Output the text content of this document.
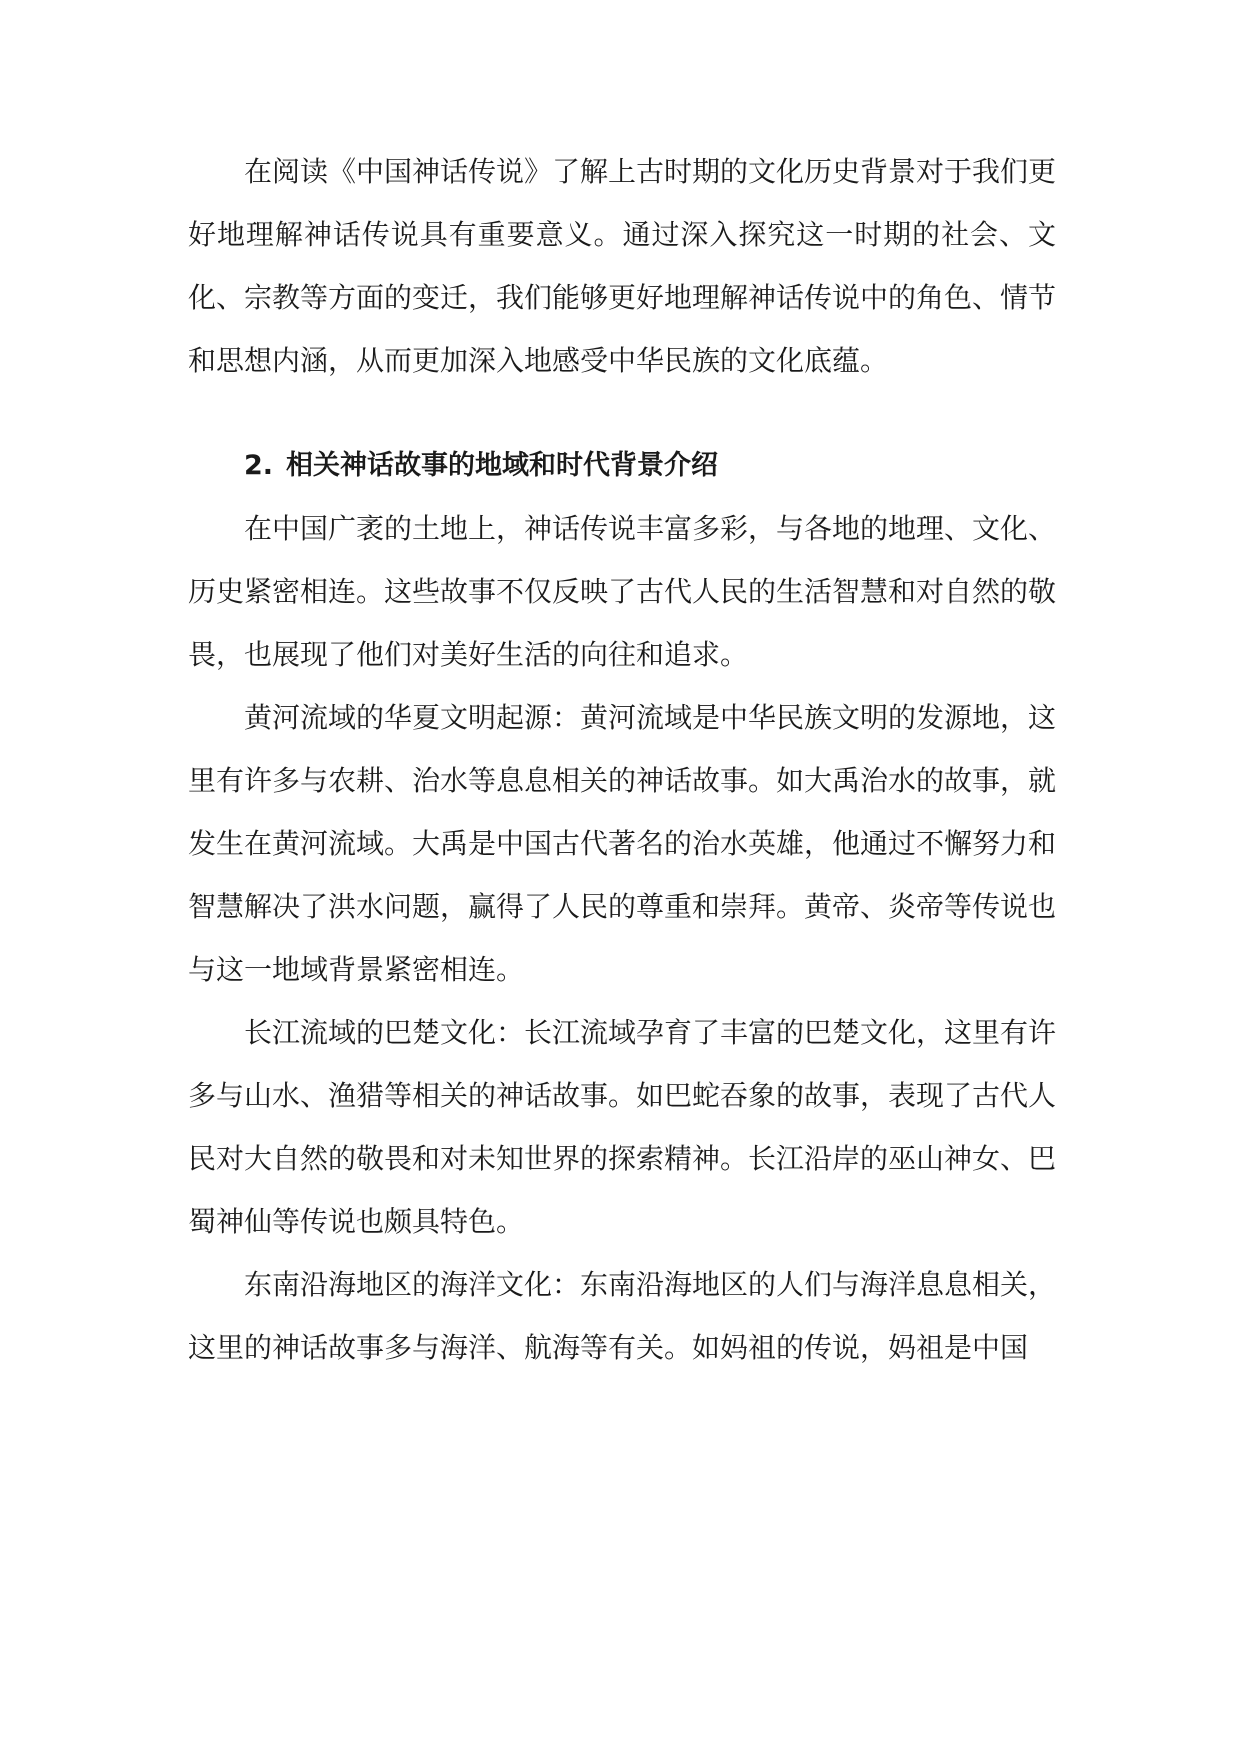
在阅读《中国神话传说》了解上古时期的文化历史背景对于我们更好地理解神话传说具有重要意义。通过深入探究这一时期的社会、文化、宗教等方面的变迁，我们能够更好地理解神话传说中的角色、情节和思想内涵，从而更加深入地感受中华民族的文化底蕴。

2. 相关神话故事的地域和时代背景介绍

在中国广袤的土地上，神话传说丰富多彩，与各地的地理、文化、历史紧密相连。这些故事不仅反映了古代人民的生活智慧和对自然的敬畏，也展现了他们对美好生活的向往和追求。

黄河流域的华夏文明起源：黄河流域是中华民族文明的发源地，这里有许多与农耕、治水等息息相关的神话故事。如大禹治水的故事，就发生在黄河流域。大禹是中国古代著名的治水英雄，他通过不懈努力和智慧解决了洪水问题，赢得了人民的尊重和崇拜。黄帝、炎帝等传说也与这一地域背景紧密相连。

长江流域的巴楚文化：长江流域孕育了丰富的巴楚文化，这里有许多与山水、渔猎等相关的神话故事。如巴蛇吞象的故事，表现了古代人民对大自然的敬畏和对未知世界的探索精神。长江沿岸的巫山神女、巴蜀神仙等传说也颇具特色。

东南沿海地区的海洋文化：东南沿海地区的人们与海洋息息相关，这里的神话故事多与海洋、航海等有关。如妈祖的传说，妈祖是中国
